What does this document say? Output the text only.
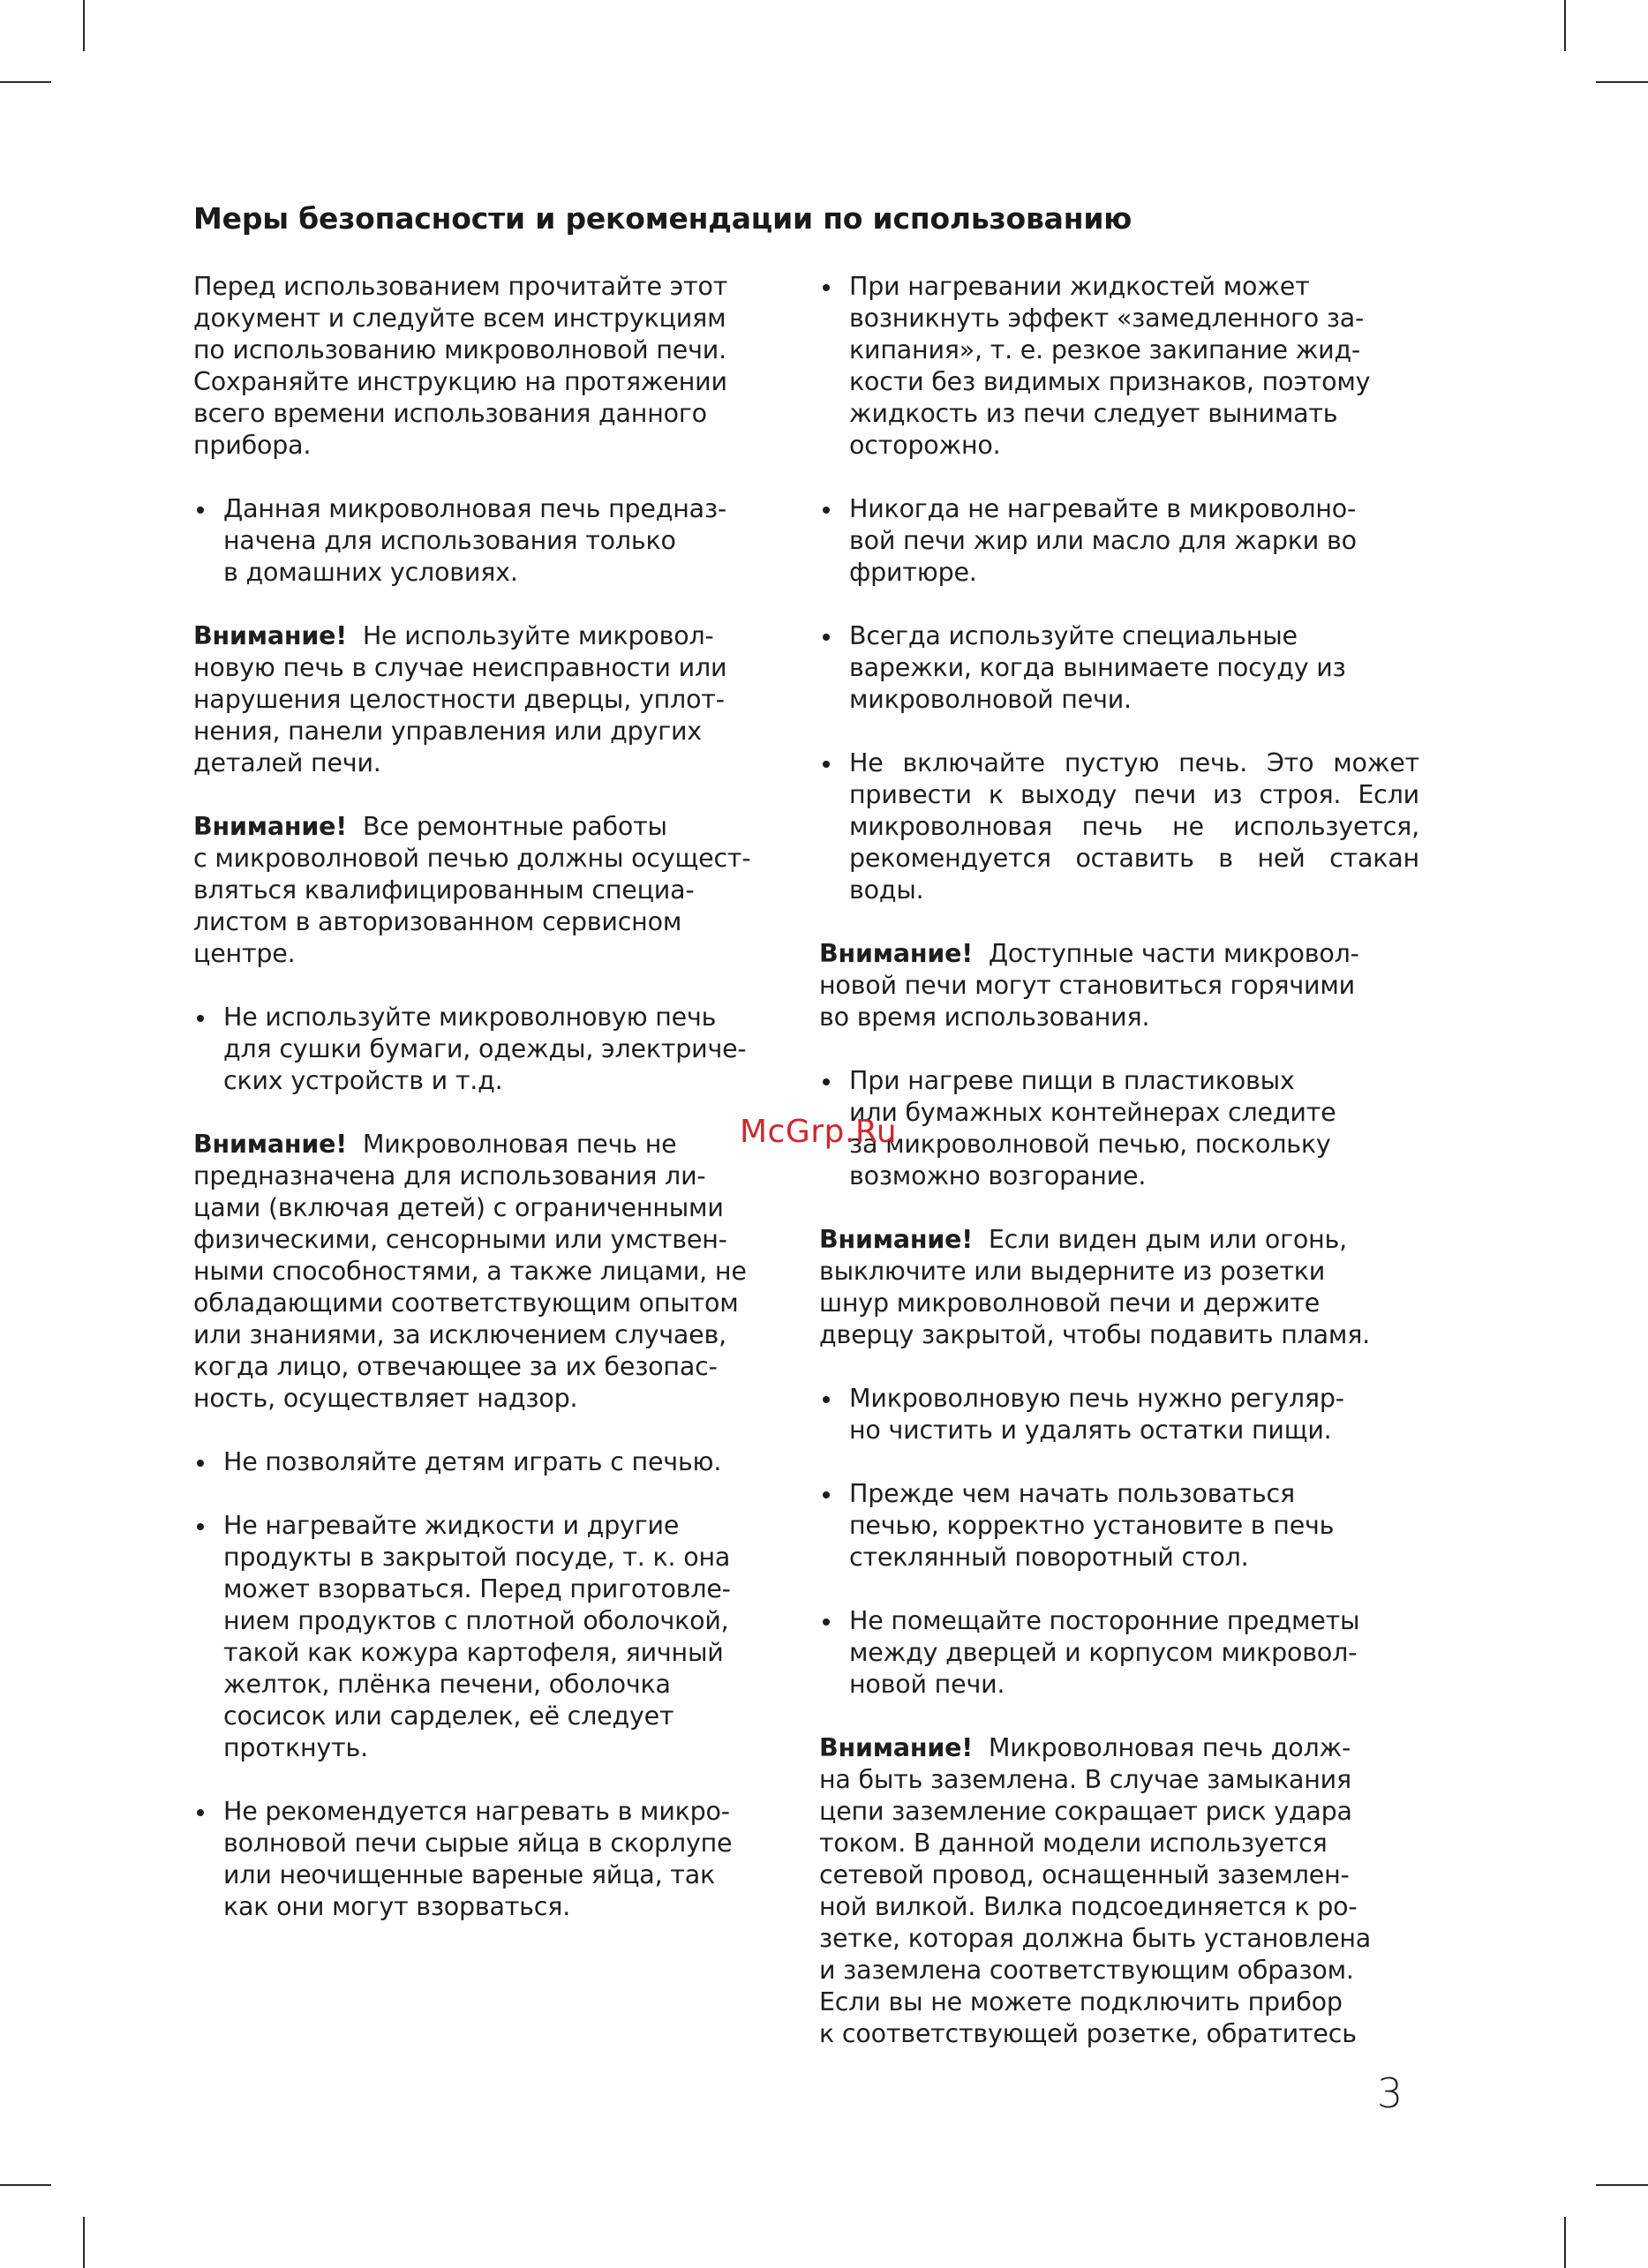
Меры безопасности и рекомендации по использованию
Перед использованием прочитайте этот
документ и следуйте всем инструкциям
по использованию микроволновой печи.
Сохраняйте инструкцию на протяжении
всего времени использования данного
прибора.
Данная микроволновая печь предназ-
начена для использования только
в домашних условиях.
Внимание! Не используйте микровол-
новую печь в случае неисправности или
нарушения целостности дверцы, уплот-
нения, панели управления или других
деталей печи.
Внимание! Все ремонтные работы
с микроволновой печью должны осущест-
вляться квалифицированным специа-
листом в авторизованном сервисном
центре.
Не используйте микроволновую печь
для сушки бумаги, одежды, электриче-
ских устройств и т.д.
Внимание! Микроволновая печь не
предназначена для использования ли-
цами (включая детей) с ограниченными
физическими, сенсорными или умствен-
ными способностями, а также лицами, не
обладающими соответствующим опытом
или знаниями, за исключением случаев,
когда лицо, отвечающее за их безопас-
ность, осуществляет надзор.
Не позволяйте детям играть с печью.
Не нагревайте жидкости и другие
продукты в закрытой посуде, т. к. она
может взорваться. Перед приготовле-
нием продуктов с плотной оболочкой,
такой как кожура картофеля, яичный
желток, плёнка печени, оболочка
сосисок или сарделек, её следует
проткнуть.
Не рекомендуется нагревать в микро-
волновой печи сырые яйца в скорлупе
или неочищенные вареные яйца, так
как они могут взорваться.
При нагревании жидкостей может
возникнуть эффект «замедленного за-
кипания», т. е. резкое закипание жид-
кости без видимых признаков, поэтому
жидкость из печи следует вынимать
осторожно.
Никогда не нагревайте в микроволно-
вой печи жир или масло для жарки во
фритюре.
Всегда используйте специальные
варежки, когда вынимаете посуду из
микроволновой печи.
Не включайте пустую печь. Это может
привести к выходу печи из строя. Если
микроволновая печь не используется,
рекомендуется оставить в ней стакан
воды.
Внимание! Доступные части микровол-
новой печи могут становиться горячими
во время использования.
При нагреве пищи в пластиковых
или бумажных контейнерах следите
за микроволновой печью, поскольку
возможно возгорание.
Внимание! Если виден дым или огонь,
выключите или выдерните из розетки
шнур микроволновой печи и держите
дверцу закрытой, чтобы подавить пламя.
Микроволновую печь нужно регуляр-
но чистить и удалять остатки пищи.
Прежде чем начать пользоваться
печью, корректно установите в печь
стеклянный поворотный стол.
Не помещайте посторонние предметы
между дверцей и корпусом микровол-
новой печи.
Внимание! Микроволновая печь долж-
на быть заземлена. В случае замыкания
цепи заземление сокращает риск удара
током. В данной модели используется
сетевой провод, оснащенный заземлен-
ной вилкой. Вилка подсоединяется к ро-
зетке, которая должна быть установлена
и заземлена соответствующим образом.
Если вы не можете подключить прибор
к соответствующей розетке, обратитесь
McGrp.Ru
3
